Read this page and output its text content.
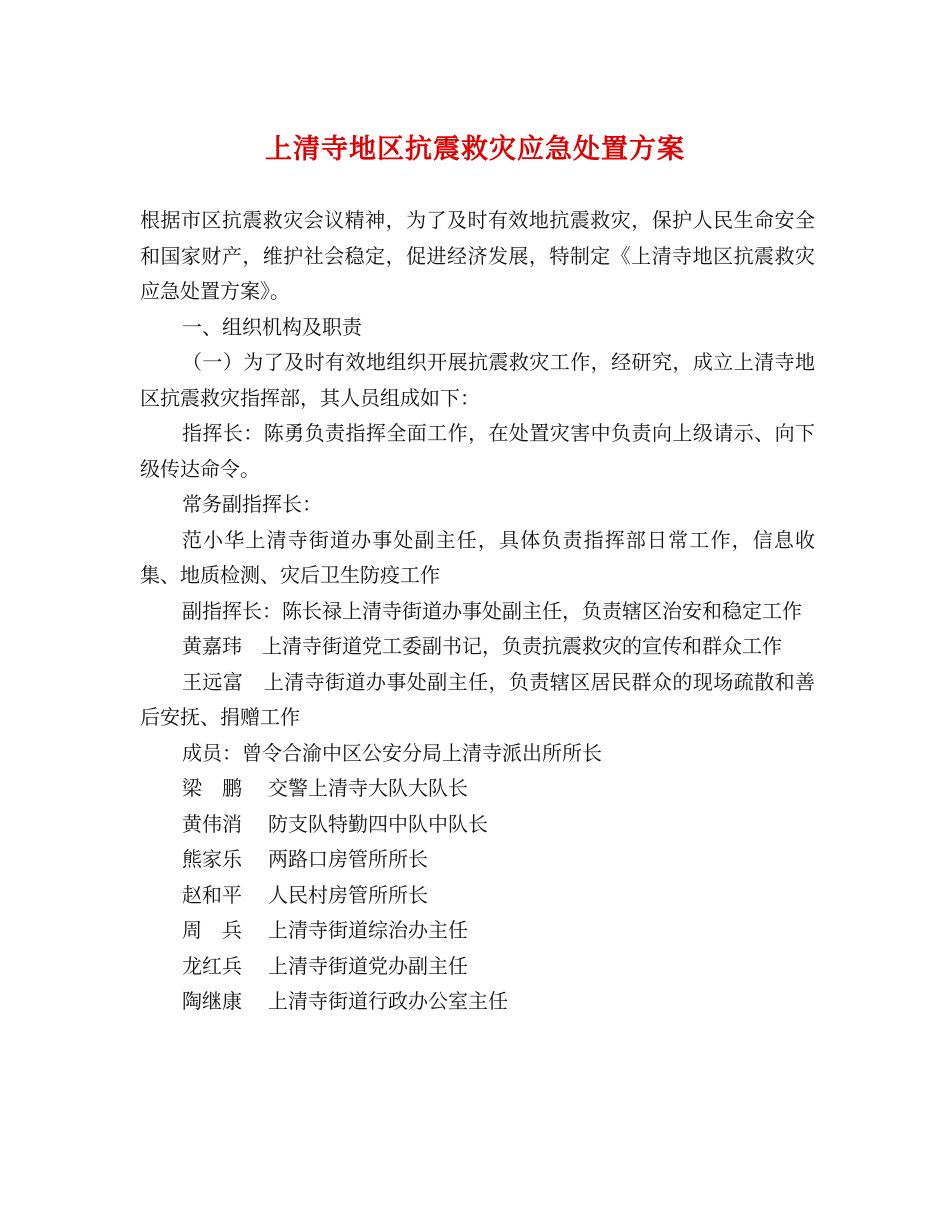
上清寺地区抗震救灾应急处置方案

根据市区抗震救灾会议精神，为了及时有效地抗震救灾，保护人民生命安全和国家财产，维护社会稳定，促进经济发展，特制定《上清寺地区抗震救灾应急处置方案》。

一、组织机构及职责

（一）为了及时有效地组织开展抗震救灾工作，经研究，成立上清寺地区抗震救灾指挥部，其人员组成如下：

指挥长：陈勇负责指挥全面工作，在处置灾害中负责向上级请示、向下级传达命令。

常务副指挥长：

范小华上清寺街道办事处副主任，具体负责指挥部日常工作，信息收集、地质检测、灾后卫生防疫工作

副指挥长：陈长禄上清寺街道办事处副主任，负责辖区治安和稳定工作

黄嘉玮　上清寺街道党工委副书记，负责抗震救灾的宣传和群众工作

王远富　上清寺街道办事处副主任，负责辖区居民群众的现场疏散和善后安抚、捐赠工作

成员：曾令合渝中区公安分局上清寺派出所所长

梁　鹏 交警上清寺大队大队长

黄伟消 防支队特勤四中队中队长

熊家乐 两路口房管所所长

赵和平 人民村房管所所长

周　兵 上清寺街道综治办主任

龙红兵 上清寺街道党办副主任

陶继康 上清寺街道行政办公室主任
